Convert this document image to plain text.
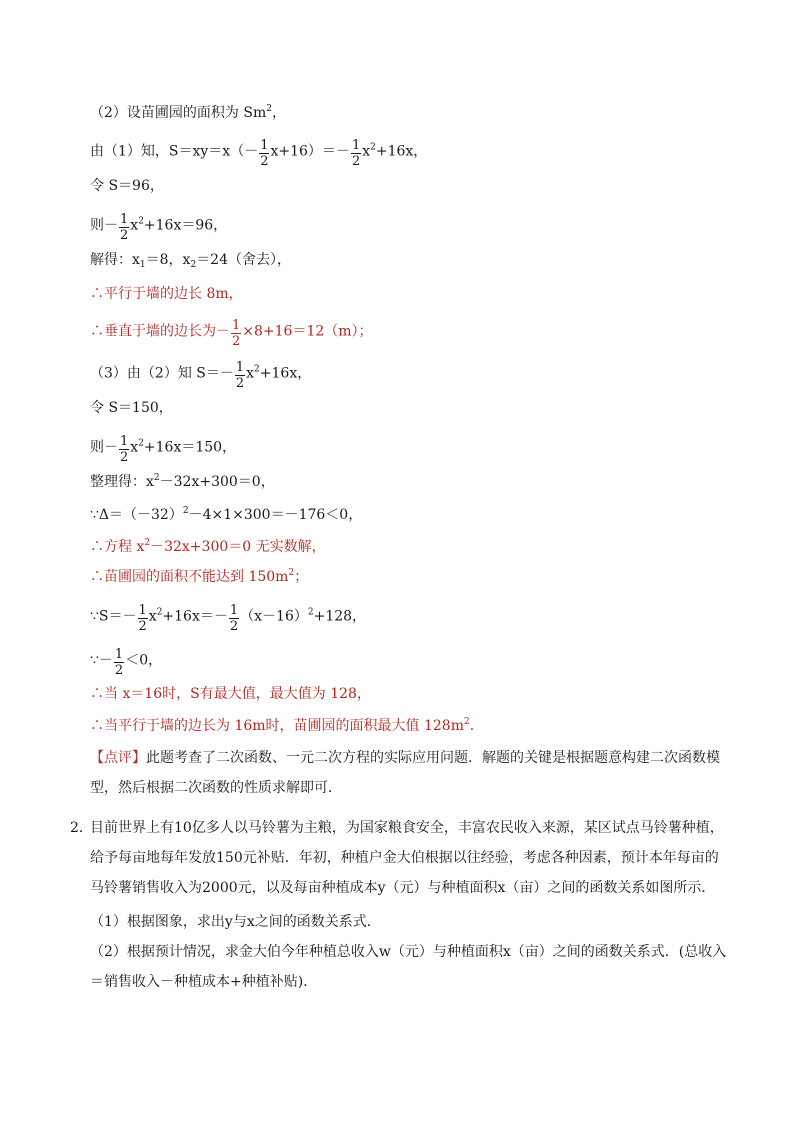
（2）设苗圃园的面积为 Sm$^2$，
由（1）知，$S=xy=x(- \frac{1}{2} x+16)=- \frac{1}{2} x^2+16x$，
令 S＝96，
则－ $\frac{1}{2} x^2+16x=96$，
解得：$x_1=8$，$x_2=24$（舍去），
∴平行于墙的边长 8m，
∴垂直于墙的边长为－ $\frac{1}{2} \times 8+16=12(m)$；
（3）由（2）知 $S=- \frac{1}{2} x^2+16x$，
令 S＝150，
则－ $\frac{1}{2} x^2+16x=150$，
整理得：$x^2-32x+300=0$，
$\because\Delta=(-32)^2-4\times 1\times 300=-176<0$，
∴方程 $x^2-32x+300=0$ 无实数解，
∴苗圃园的面积不能达到 $150m^2$；
∵S＝－ $\frac{1}{2} x^2+16x=- \frac{1}{2} (x-16)^2+128$，
∵－ $\frac{1}{2} <0$，
∴当 x＝16时，S有最大值，最大值为 128，
∴当平行于墙的边长为 16m时，苗圃园的面积最大值 $128m^2$．
【点评】此题考查了二次函数、一元二次方程的实际应用问题．解题的关键是根据题意构建二次函数模型，然后根据二次函数的性质求解即可．
2．
目前世界上有10亿多人以马铃薯为主粮，为国家粮食安全，丰富农民收入来源，某区试点马铃薯种植，给予每亩地每年发放150元补贴．年初，种植户金大伯根据以往经验，考虑各种因素，预计本年每亩的马铃薯销售收入为2000元，以及每亩种植成本y（元）与种植面积x（亩）之间的函数关系如图所示．
（1）根据图象，求出y与x之间的函数关系式．
（2）根据预计情况，求金大伯今年种植总收入w（元）与种植面积x（亩）之间的函数关系式．(总收入＝销售收入－种植成本+种植补贴)．
